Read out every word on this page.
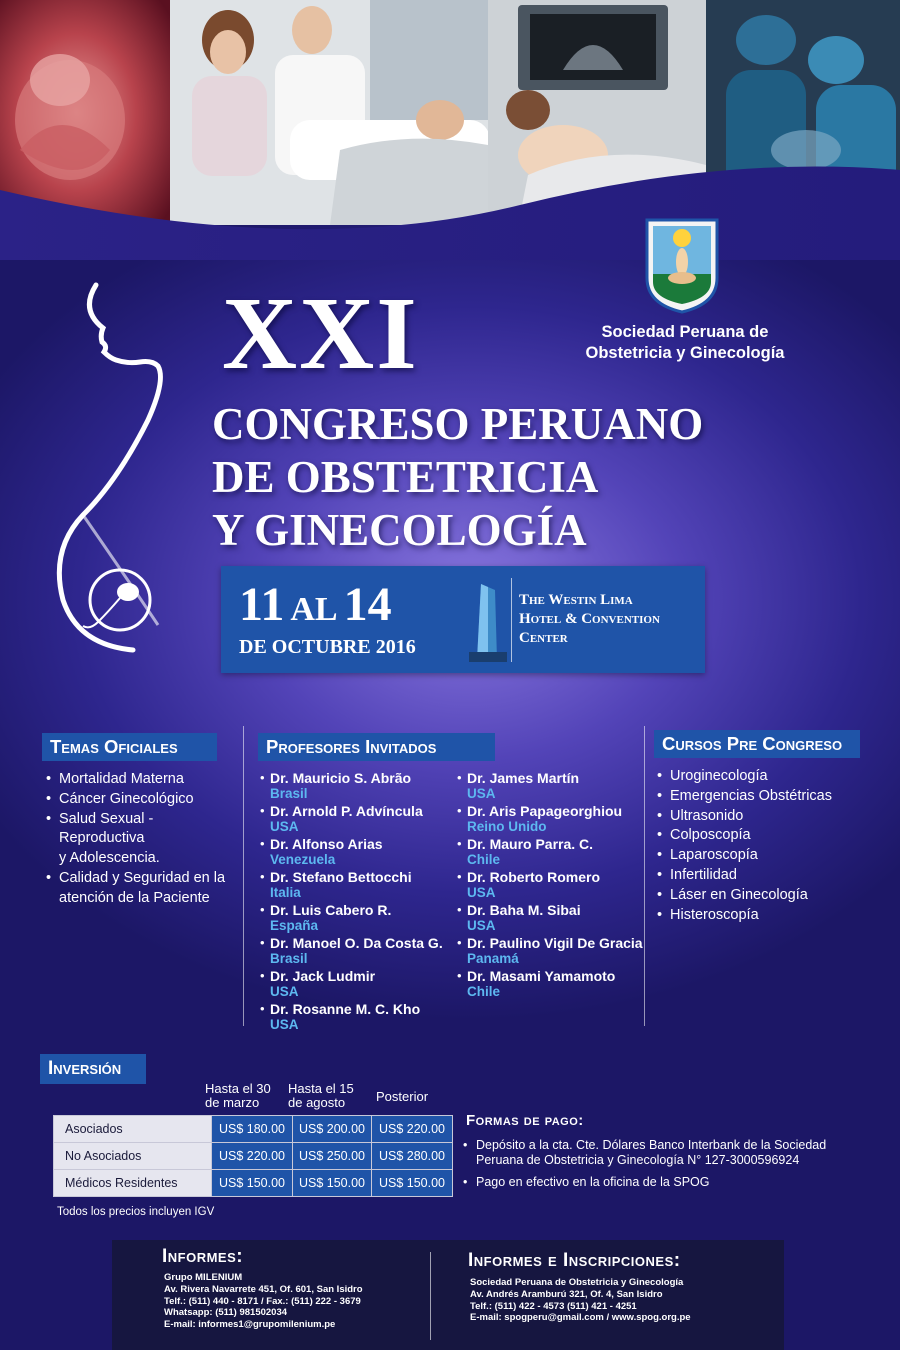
Sociedad Peruana de
Obstetricia y Ginecología
XXI
CONGRESO PERUANO
DE OBSTETRICIA
Y GINECOLOGÍA
11 AL 14
DE OCTUBRE 2016
The Westin Lima
Hotel & Convention
Center
Temas Oficiales
• Mortalidad Materna
• Cáncer Ginecológico
• Salud Sexual - Reproductiva
y Adolescencia.
• Calidad y Seguridad en la
atención de la Paciente
Profesores Invitados
• Dr. Mauricio S. Abrão
Brasil
• Dr. Arnold P. Advíncula
USA
• Dr. Alfonso Arias
Venezuela
• Dr. Stefano Bettocchi
Italia
• Dr. Luis Cabero R.
España
• Dr. Manoel O. Da Costa G.
Brasil
• Dr. Jack Ludmir
USA
• Dr. Rosanne M. C. Kho
USA
• Dr. James Martín
USA
• Dr. Aris Papageorghiou
Reino Unido
• Dr. Mauro Parra. C.
Chile
• Dr. Roberto Romero
USA
• Dr. Baha M. Sibai
USA
• Dr. Paulino Vigil De Gracia
Panamá
• Dr. Masami Yamamoto
Chile
Cursos Pre Congreso
• Uroginecología
• Emergencias Obstétricas
• Ultrasonido
• Colposcopía
• Laparoscopía
• Infertilidad
• Láser en Ginecología
• Histeroscopía
Inversión
Hasta el 30
de marzo
Hasta el 15
de agosto	Posterior
Asociados	US$ 180.00	US$ 200.00	US$ 220.00
No Asociados	US$ 220.00	US$ 250.00	US$ 280.00
Médicos Residentes	US$ 150.00	US$ 150.00	US$ 150.00
Todos los precios incluyen IGV
Formas de pago:
• Depósito a la cta. Cte. Dólares Banco Interbank de la Sociedad
Peruana de Obstetricia y Ginecología N° 127-3000596924
• Pago en efectivo en la oficina de la SPOG
Informes:
Grupo MILENIUM
Av. Rivera Navarrete 451, Of. 601, San Isidro
Telf.: (511) 440 - 8171 / Fax.: (511) 222 - 3679
Whatsapp: (511) 981502034
E-mail: informes1@grupomilenium.pe
Informes e Inscripciones:
Sociedad Peruana de Obstetricia y Ginecología
Av. Andrés Aramburú 321, Of. 4, San Isidro
Telf.: (511) 422 - 4573 (511) 421 - 4251
E-mail: spogperu@gmail.com / www.spog.org.pe
